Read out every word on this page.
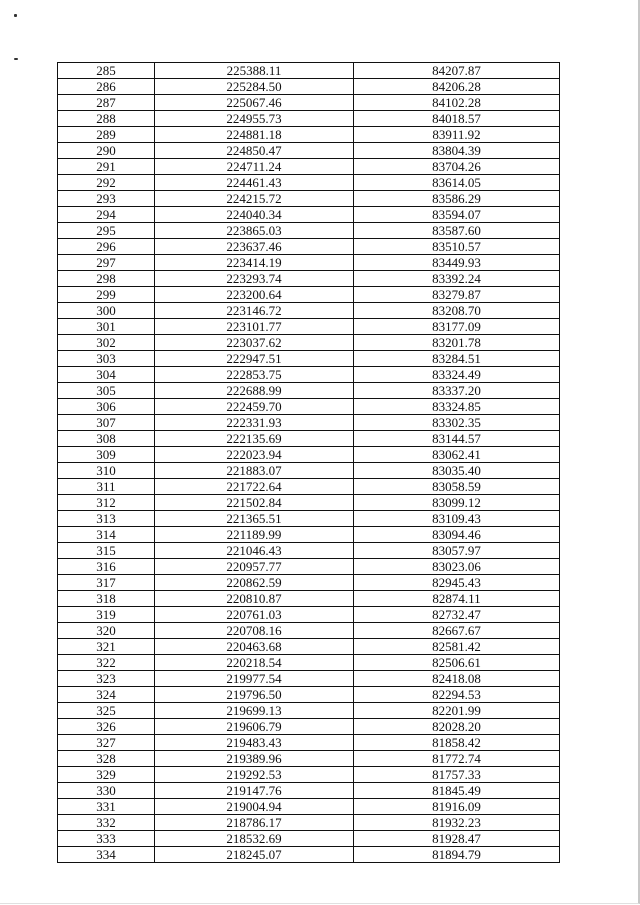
285	225388.11	84207.87
286	225284.50	84206.28
287	225067.46	84102.28
288	224955.73	84018.57
289	224881.18	83911.92
290	224850.47	83804.39
291	224711.24	83704.26
292	224461.43	83614.05
293	224215.72	83586.29
294	224040.34	83594.07
295	223865.03	83587.60
296	223637.46	83510.57
297	223414.19	83449.93
298	223293.74	83392.24
299	223200.64	83279.87
300	223146.72	83208.70
301	223101.77	83177.09
302	223037.62	83201.78
303	222947.51	83284.51
304	222853.75	83324.49
305	222688.99	83337.20
306	222459.70	83324.85
307	222331.93	83302.35
308	222135.69	83144.57
309	222023.94	83062.41
310	221883.07	83035.40
311	221722.64	83058.59
312	221502.84	83099.12
313	221365.51	83109.43
314	221189.99	83094.46
315	221046.43	83057.97
316	220957.77	83023.06
317	220862.59	82945.43
318	220810.87	82874.11
319	220761.03	82732.47
320	220708.16	82667.67
321	220463.68	82581.42
322	220218.54	82506.61
323	219977.54	82418.08
324	219796.50	82294.53
325	219699.13	82201.99
326	219606.79	82028.20
327	219483.43	81858.42
328	219389.96	81772.74
329	219292.53	81757.33
330	219147.76	81845.49
331	219004.94	81916.09
332	218786.17	81932.23
333	218532.69	81928.47
334	218245.07	81894.79
